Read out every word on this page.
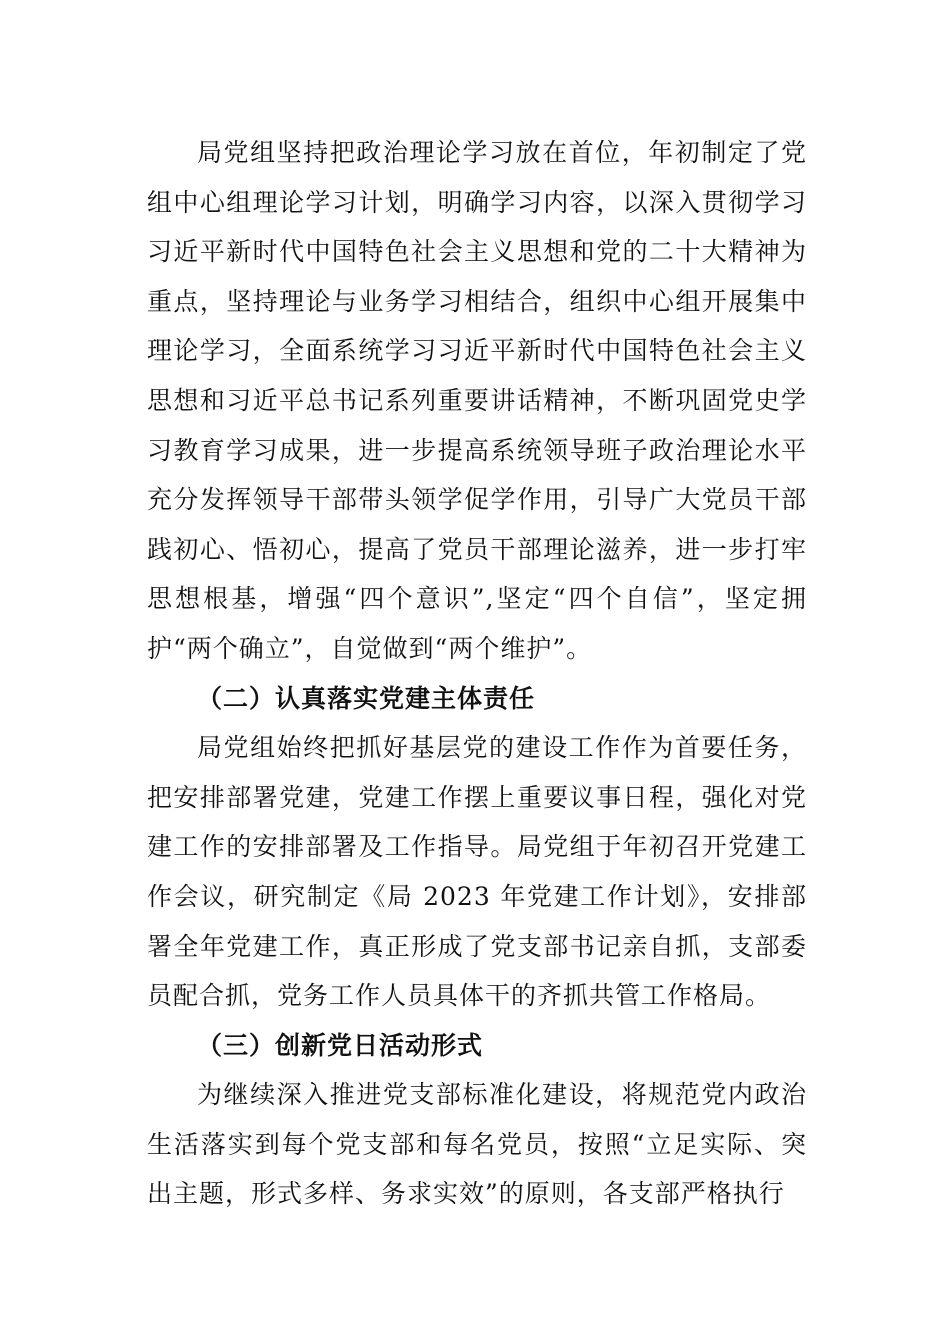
局党组坚持把政治理论学习放在首位，年初制定了党组中心组理论学习计划，明确学习内容，以深入贯彻学习习近平新时代中国特色社会主义思想和党的二十大精神为重点，坚持理论与业务学习相结合，组织中心组开展集中理论学习，全面系统学习习近平新时代中国特色社会主义思想和习近平总书记系列重要讲话精神，不断巩固党史学习教育学习成果，进一步提高系统领导班子政治理论水平充分发挥领导干部带头领学促学作用，引导广大党员干部践初心、悟初心，提高了党员干部理论滋养，进一步打牢思想根基，增强“四个意识”,坚定“四个自信”，坚定拥护“两个确立”，自觉做到“两个维护”。

（二）认真落实党建主体责任

局党组始终把抓好基层党的建设工作作为首要任务，把安排部署党建，党建工作摆上重要议事日程，强化对党建工作的安排部署及工作指导。局党组于年初召开党建工作会议，研究制定《局 2023 年党建工作计划》，安排部署全年党建工作，真正形成了党支部书记亲自抓，支部委员配合抓，党务工作人员具体干的齐抓共管工作格局。

（三）创新党日活动形式

为继续深入推进党支部标准化建设，将规范党内政治生活落实到每个党支部和每名党员，按照“立足实际、突出主题，形式多样、务求实效”的原则，各支部严格执行
